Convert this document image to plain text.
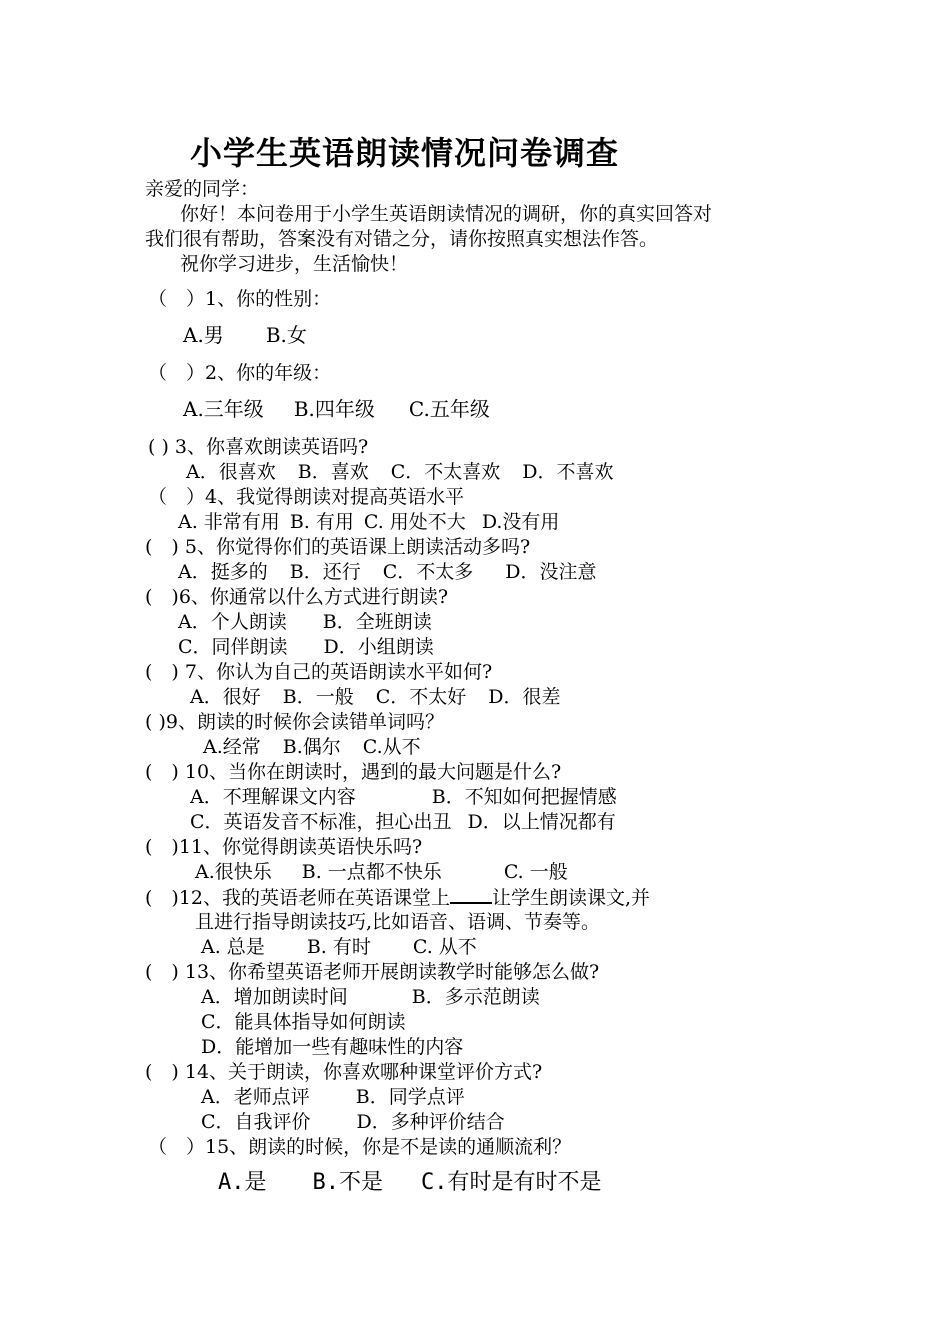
小学生英语朗读情况问卷调查
亲爱的同学：
你好！本问卷用于小学生英语朗读情况的调研，你的真实回答对
我们很有帮助，答案没有对错之分，请你按照真实想法作答。
祝你学习进步，生活愉快！
（　）1、你的性别：
A.男 B.女
（　）2、你的年级：
A.三年级 B.四年级 C.五年级
( ) 3、你喜欢朗读英语吗?
A．很喜欢 B．喜欢 C．不太喜欢 D．不喜欢
（　）4、我觉得朗读对提高英语水平
A. 非常有用 B. 有用 C. 用处不大 D.没有用
(　) 5、你觉得你们的英语课上朗读活动多吗?
A．挺多的 B．还行 C．不太多 D．没注意
(　)6、你通常以什么方式进行朗读?
A．个人朗读 B．全班朗读
C．同伴朗读 D．小组朗读
(　) 7、你认为自己的英语朗读水平如何?
A．很好 B．一般 C．不太好 D．很差
( )9、朗读的时候你会读错单词吗？
A.经常 B.偶尔 C.从不
(　) 10、当你在朗读时，遇到的最大问题是什么?
A．不理解课文内容	B．不知如何把握情感
C．英语发音不标准，担心出丑 D．以上情况都有
(　)11、你觉得朗读英语快乐吗?
A.很快乐 B. 一点都不快乐	C. 一般
(　)12、我的英语老师在英语课堂上 让学生朗读课文,并
且进行指导朗读技巧,比如语音、语调、节奏等。
A. 总是 B. 有时 C. 从不
(　) 13、你希望英语老师开展朗读教学时能够怎么做?
A．增加朗读时间	B．多示范朗读
C．能具体指导如何朗读
D．能增加一些有趣味性的内容
(　) 14、关于朗读，你喜欢哪种课堂评价方式?
A．老师点评 B．同学点评
C．自我评价 D．多种评价结合
（　）15、朗读的时候，你是不是读的通顺流利？
A.是 B.不是 C.有时是有时不是
